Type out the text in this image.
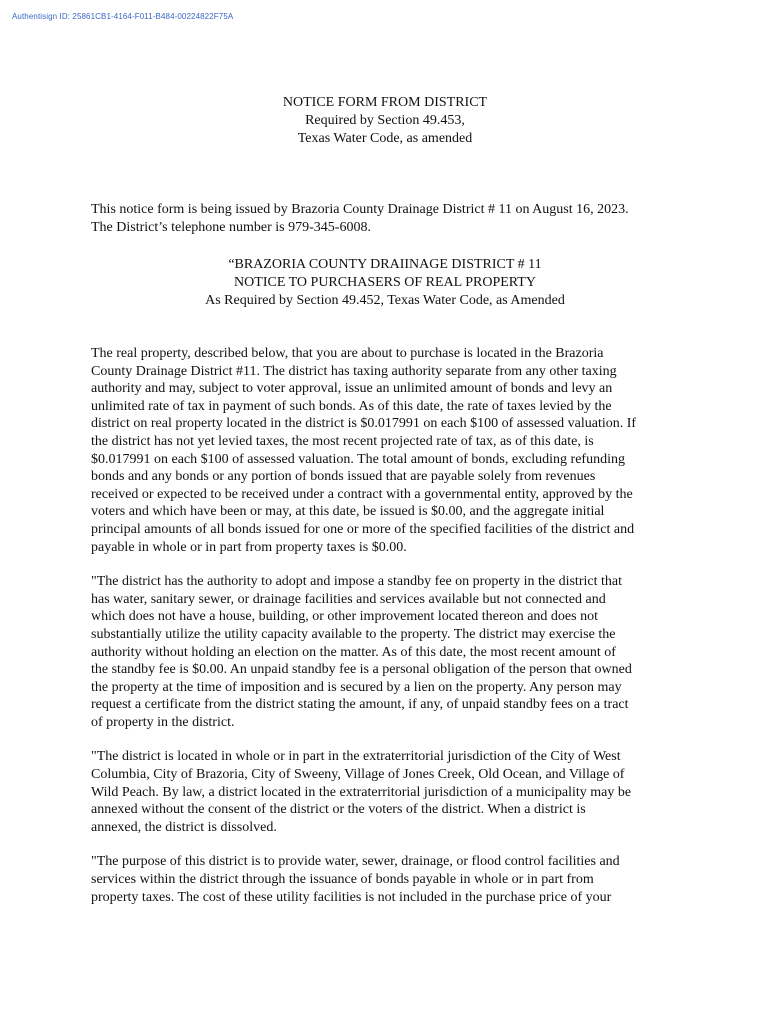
Authentisign ID: 25861CB1-4164-F011-B484-00224822F75A
NOTICE FORM FROM DISTRICT
Required by Section 49.453,
Texas Water Code, as amended
This notice form is being issued by Brazoria County Drainage District # 11 on August 16, 2023.
The District’s telephone number is 979-345-6008.
“BRAZORIA COUNTY DRAIINAGE DISTRICT # 11
NOTICE TO PURCHASERS OF REAL PROPERTY
As Required by Section 49.452, Texas Water Code, as Amended

The real property, described below, that you are about to purchase is located in the Brazoria
County Drainage District #11. The district has taxing authority separate from any other taxing
authority and may, subject to voter approval, issue an unlimited amount of bonds and levy an
unlimited rate of tax in payment of such bonds. As of this date, the rate of taxes levied by the
district on real property located in the district is $0.017991 on each $100 of assessed valuation. If
the district has not yet levied taxes, the most recent projected rate of tax, as of this date, is
$0.017991 on each $100 of assessed valuation. The total amount of bonds, excluding refunding
bonds and any bonds or any portion of bonds issued that are payable solely from revenues
received or expected to be received under a contract with a governmental entity, approved by the
voters and which have been or may, at this date, be issued is $0.00, and the aggregate initial
principal amounts of all bonds issued for one or more of the specified facilities of the district and
payable in whole or in part from property taxes is $0.00.

"The district has the authority to adopt and impose a standby fee on property in the district that
has water, sanitary sewer, or drainage facilities and services available but not connected and
which does not have a house, building, or other improvement located thereon and does not
substantially utilize the utility capacity available to the property. The district may exercise the
authority without holding an election on the matter. As of this date, the most recent amount of
the standby fee is $0.00. An unpaid standby fee is a personal obligation of the person that owned
the property at the time of imposition and is secured by a lien on the property. Any person may
request a certificate from the district stating the amount, if any, of unpaid standby fees on a tract
of property in the district.

"The district is located in whole or in part in the extraterritorial jurisdiction of the City of West
Columbia, City of Brazoria, City of Sweeny, Village of Jones Creek, Old Ocean, and Village of
Wild Peach. By law, a district located in the extraterritorial jurisdiction of a municipality may be
annexed without the consent of the district or the voters of the district. When a district is
annexed, the district is dissolved.

"The purpose of this district is to provide water, sewer, drainage, or flood control facilities and
services within the district through the issuance of bonds payable in whole or in part from
property taxes. The cost of these utility facilities is not included in the purchase price of your
